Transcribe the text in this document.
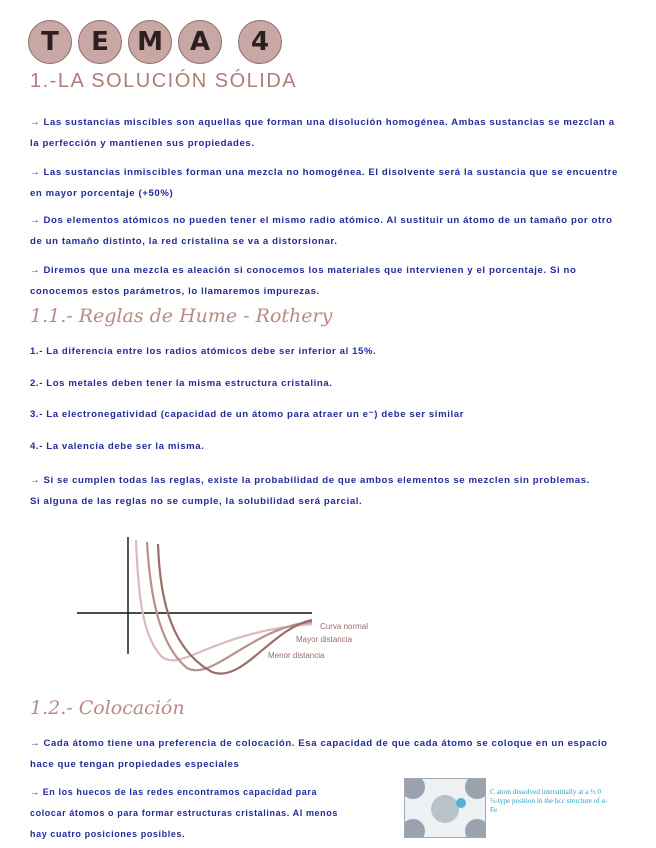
T	E	M	A	4
1.-LA SOLUCIÓN SÓLIDA
→ Las sustancias miscibles son aquellas que forman una disolución homogénea. Ambas sustancias se mezclan a la perfección y mantienen sus propiedades.
→ Las sustancias inmiscibles forman una mezcla no homogénea. El disolvente será la sustancia que se encuentre en mayor porcentaje (+50%)
→ Dos elementos atómicos no pueden tener el mismo radio atómico. Al sustituir un átomo de un tamaño por otro de un tamaño distinto, la red cristalina se va a distorsionar.
→ Diremos que una mezcla es aleación si conocemos los materiales que intervienen y el porcentaje. Si no conocemos estos parámetros, lo llamaremos impurezas.
1.1.- Reglas de Hume - Rothery
1.- La diferencia entre los radios atómicos debe ser inferior al 15%.
2.- Los metales deben tener la misma estructura cristalina.
3.- La electronegatividad (capacidad de un átomo para atraer un e⁻) debe ser similar
4.- La valencia debe ser la misma.
→ Si se cumplen todas las reglas, existe la probabilidad de que ambos elementos se mezclen sin problemas. Si alguna de las reglas no se cumple, la solubilidad será parcial.
Curva normal
Mayor distancia
Menor distancia
1.2.- Colocación
→ Cada átomo tiene una preferencia de colocación. Esa capacidad de que cada átomo se coloque en un espacio hace que tengan propiedades especiales
→ En los huecos de las redes encontramos capacidad para colocar átomos o para formar estructuras cristalinas. Al menos hay cuatro posiciones posibles.
C atom dissolved interstitially at a ½ 0 ½-type position in the bcc structure of α-Fe
